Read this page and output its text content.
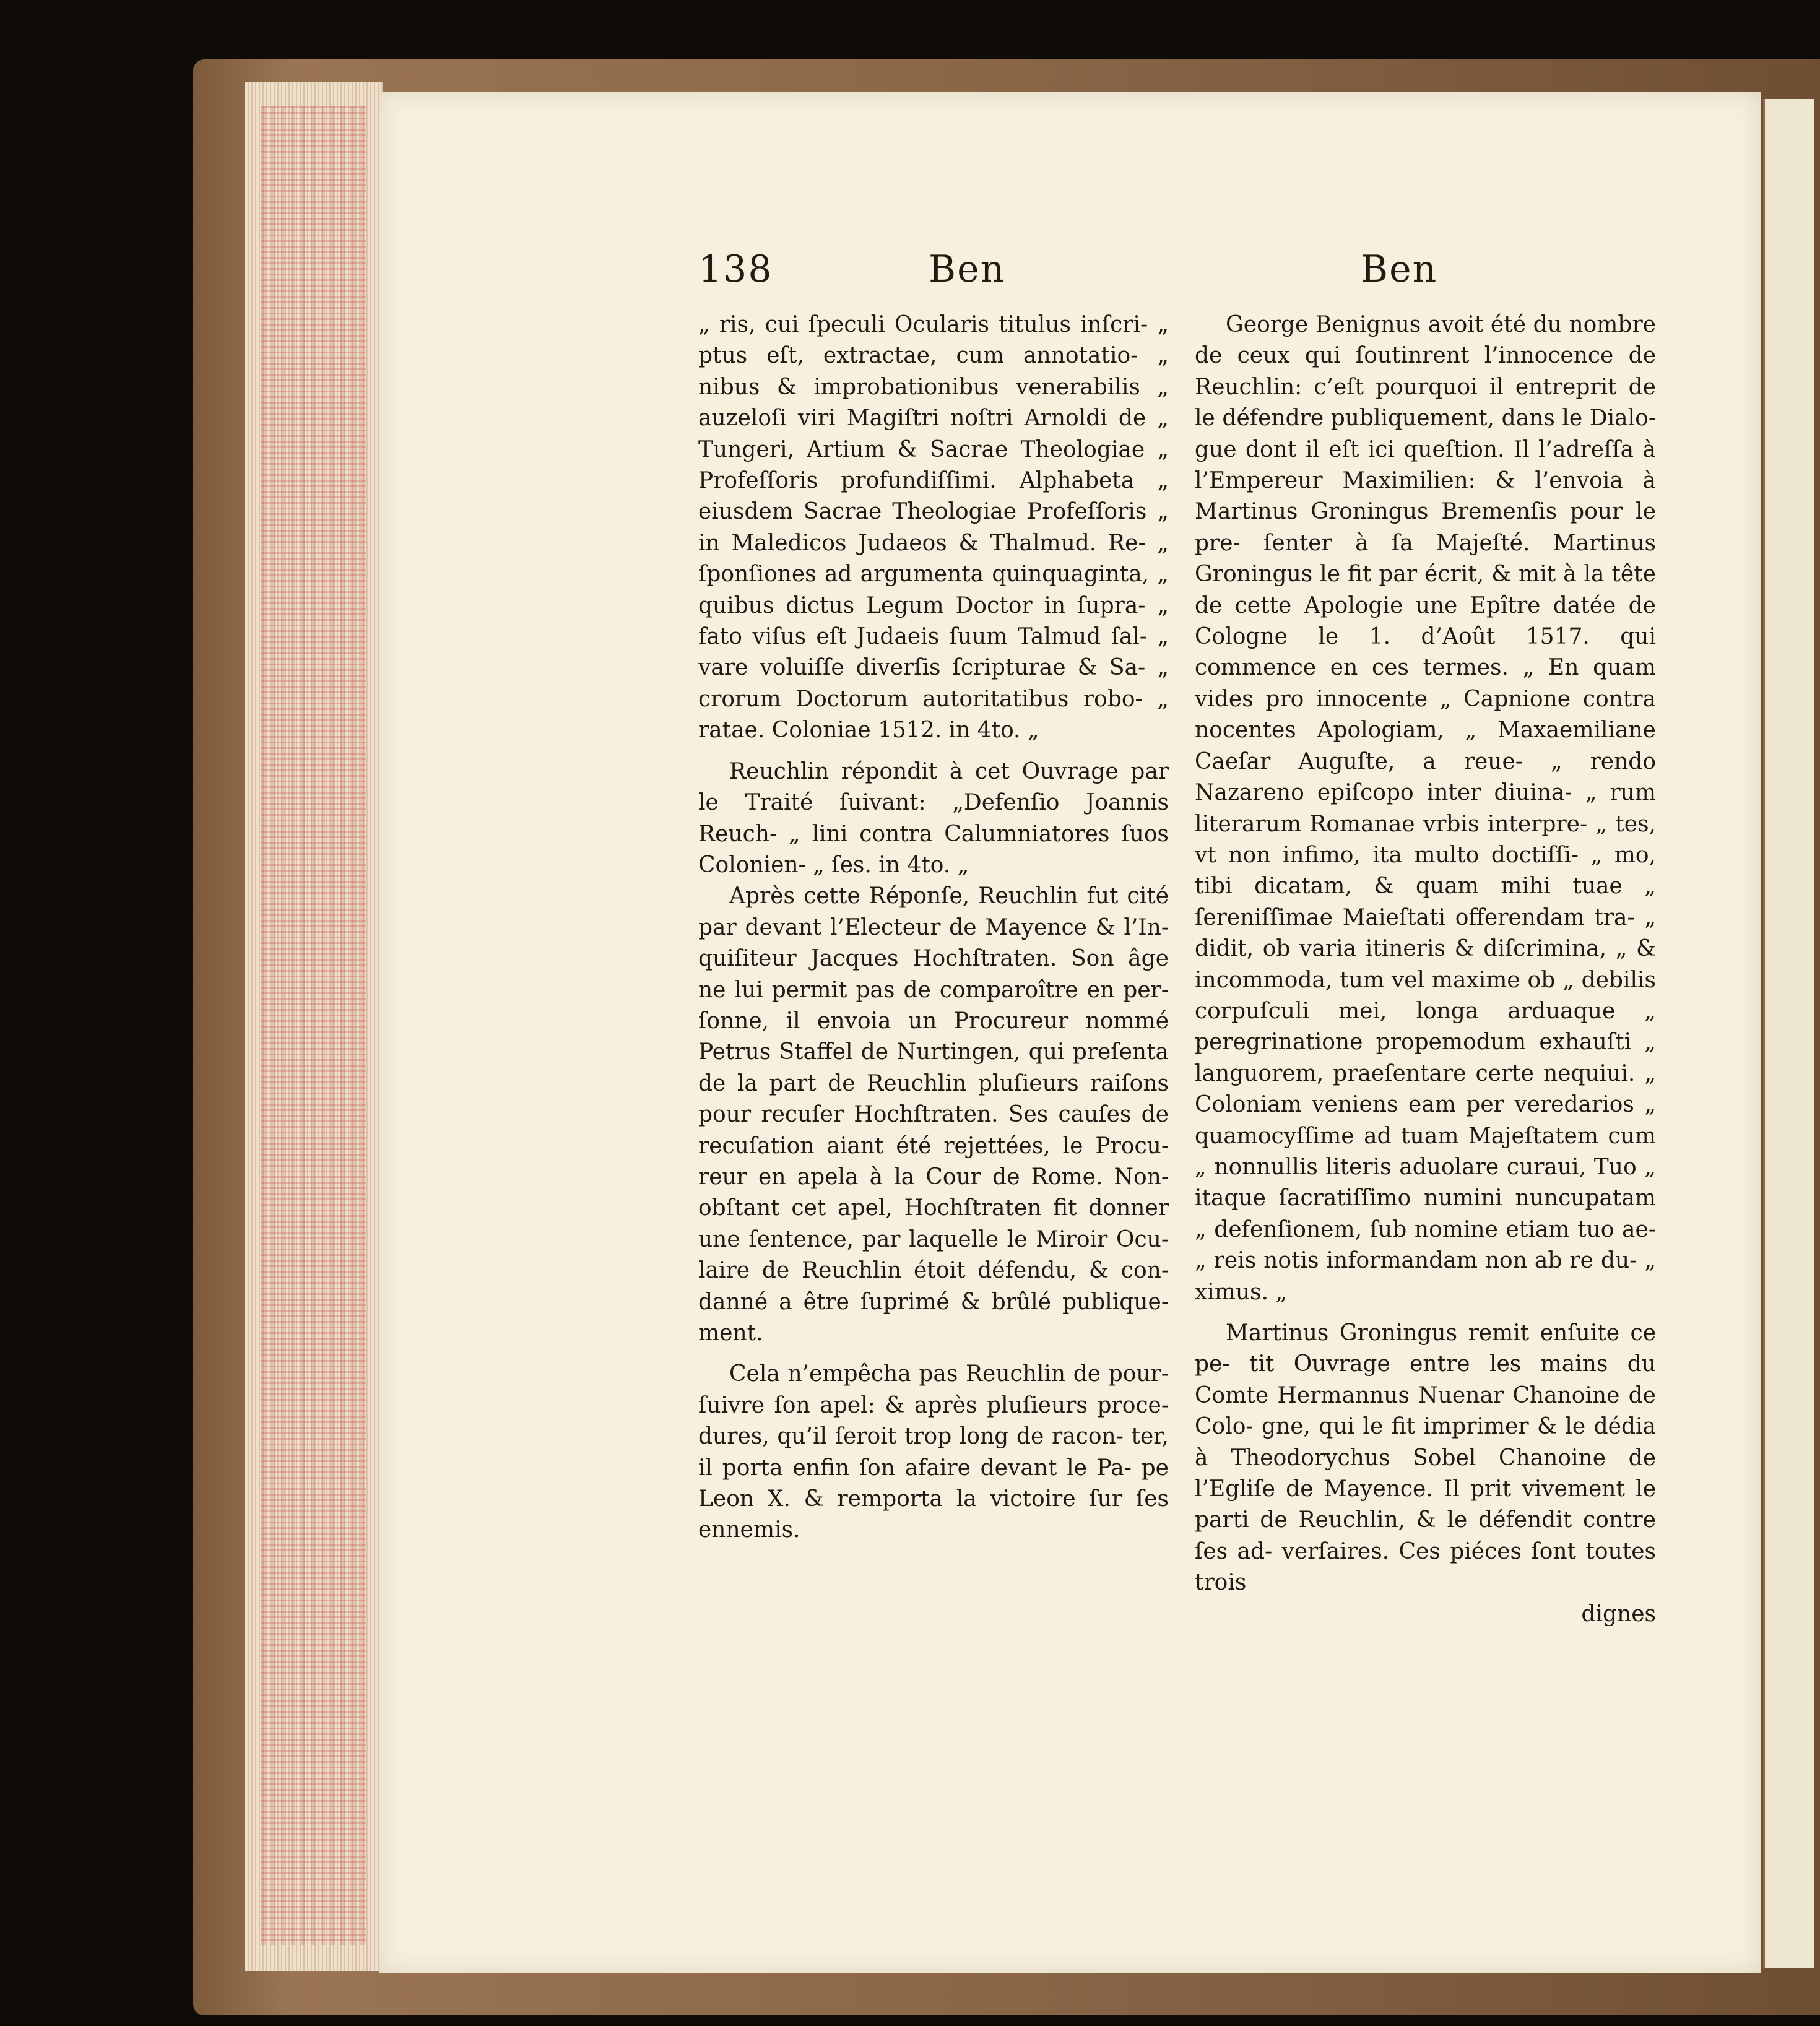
138	Ben	Ben

„ ris, cui ſpeculi Ocularis titulus inſcri- „ ptus eſt, extractae, cum annotatio- „ nibus & improbationibus venerabilis „ auzeloſi viri Magiſtri noſtri Arnoldi de „ Tungeri, Artium & Sacrae Theologiae „ Profeſſoris profundiſſimi. Alphabeta „ eiusdem Sacrae Theologiae Profeſſoris „ in Maledicos Judaeos & Thalmud. Re- „ ſponſiones ad argumenta quinquaginta, „ quibus dictus Legum Doctor in ſupra- „ fato viſus eſt Judaeis ſuum Talmud ſal- „ vare voluiſſe diverſis ſcripturae & Sa- „ crorum Doctorum autoritatibus robo- „ ratae. Coloniae 1512. in 4to. „

Reuchlin répondit à cet Ouvrage par le Traité ſuivant: „Defenſio Joannis Reuch- „ lini contra Calumniatores ſuos Colonien- „ ſes. in 4to. „

Après cette Réponſe, Reuchlin fut cité par devant l’Electeur de Mayence & l’In- quiſiteur Jacques Hochſtraten. Son âge ne lui permit pas de comparoître en per- ſonne, il envoia un Procureur nommé Petrus Staffel de Nurtingen, qui preſenta de la part de Reuchlin pluſieurs raiſons pour recuſer Hochſtraten. Ses cauſes de recuſation aiant été rejettées, le Procu- reur en apela à la Cour de Rome. Non- obſtant cet apel, Hochſtraten fit donner une ſentence, par laquelle le Miroir Ocu- laire de Reuchlin étoit défendu, & con- danné a être ſuprimé & brûlé publique- ment.

Cela n’empêcha pas Reuchlin de pour- ſuivre ſon apel: & après pluſieurs proce- dures, qu’il ſeroit trop long de racon- ter, il porta enfin ſon afaire devant le Pa- pe Leon X. & remporta la victoire ſur ſes ennemis.

George Benignus avoit été du nombre de ceux qui ſoutinrent l’innocence de Reuchlin: c’eſt pourquoi il entreprit de le défendre publiquement, dans le Dialo- gue dont il eſt ici queſtion. Il l’adreſſa à l’Empereur Maximilien: & l’envoia à Martinus Groningus Bremenſis pour le pre- ſenter à ſa Majeſté. Martinus Groningus le fit par écrit, & mit à la tête de cette Apologie une Epître datée de Cologne le 1. d’Août 1517. qui commence en ces termes. „ En quam vides pro innocente „ Capnione contra nocentes Apologiam, „ Maxaemiliane Caeſar Auguſte, a reue- „ rendo Nazareno epiſcopo inter diuina- „ rum literarum Romanae vrbis interpre- „ tes, vt non infimo, ita multo doctiſſi- „ mo, tibi dicatam, & quam mihi tuae „ ſereniſſimae Maieſtati offerendam tra- „ didit, ob varia itineris & diſcrimina, „ & incommoda, tum vel maxime ob „ debilis corpuſculi mei, longa arduaque „ peregrinatione propemodum exhauſti „ languorem, praeſentare certe nequiui. „ Coloniam veniens eam per veredarios „ quamocyſſime ad tuam Majeſtatem cum „ nonnullis literis aduolare curaui, Tuo „ itaque ſacratiſſimo numini nuncupatam „ defenſionem, ſub nomine etiam tuo ae- „ reis notis informandam non ab re du- „ ximus. „

Martinus Groningus remit enſuite ce pe- tit Ouvrage entre les mains du Comte Hermannus Nuenar Chanoine de Colo- gne, qui le fit imprimer & le dédia à Theodorychus Sobel Chanoine de l’Egliſe de Mayence. Il prit vivement le parti de Reuchlin, & le défendit contre ſes ad- verſaires. Ces piéces ſont toutes trois

dignes
